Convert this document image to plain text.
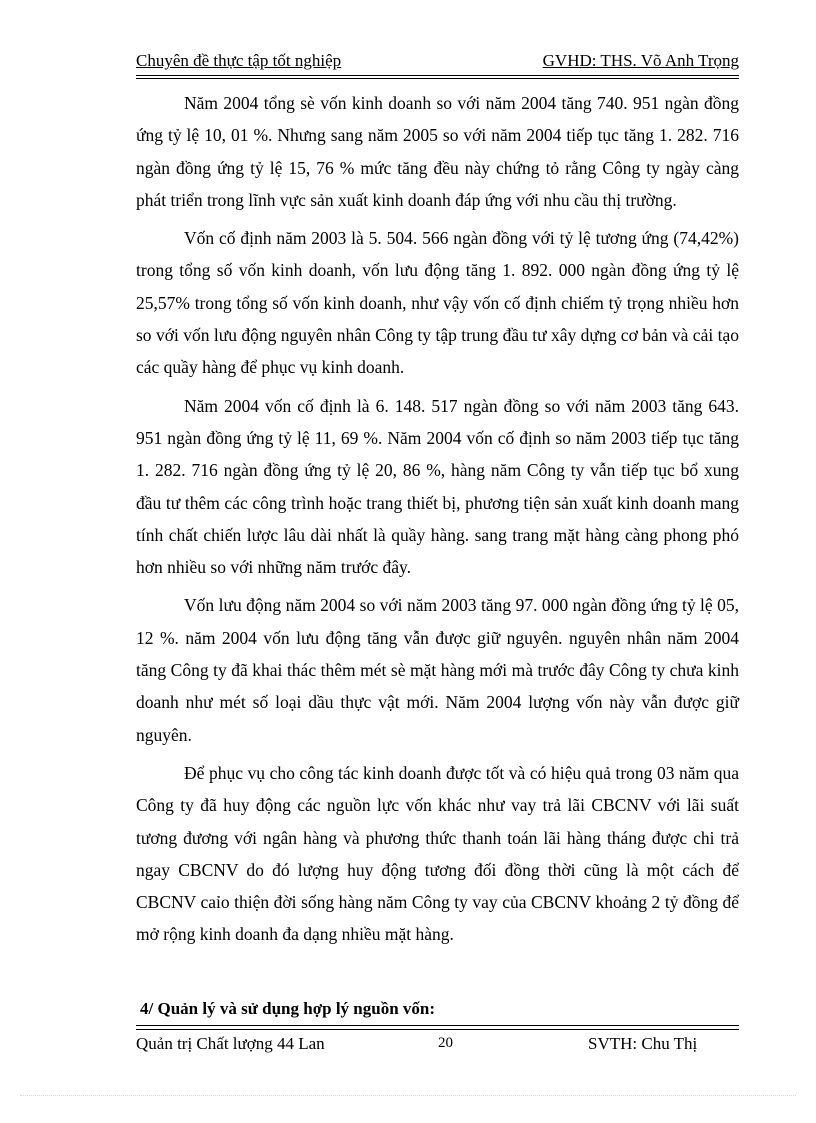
Chuyên đề thực tập tốt nghiệp	GVHD: THS. Võ Anh Trọng

Năm 2004 tổng sè vốn kinh doanh so với năm 2004 tăng 740. 951 ngàn đồng ứng tỷ lệ 10, 01 %. Nhưng sang năm 2005 so với năm 2004 tiếp tục tăng 1. 282. 716 ngàn đồng ứng tỷ lệ 15, 76 % mức tăng đều này chứng tỏ rằng Công ty ngày càng phát triển trong lĩnh vực sản xuất kinh doanh đáp ứng với nhu cầu thị trường.

Vốn cố định năm 2003 là 5. 504. 566 ngàn đồng với tỷ lệ tương ứng (74,42%) trong tổng số vốn kinh doanh, vốn lưu động tăng 1. 892. 000 ngàn đồng ứng tỷ lệ 25,57% trong tổng số vốn kinh doanh, như vậy vốn cố định chiếm tỷ trọng nhiều hơn so với vốn lưu động nguyên nhân Công ty tập trung đầu tư xây dựng cơ bản và cải tạo các quầy hàng để phục vụ kinh doanh.

Năm 2004 vốn cố định là 6. 148. 517 ngàn đồng so với năm 2003 tăng 643. 951 ngàn đồng ứng tỷ lệ 11, 69 %. Năm 2004 vốn cố định so năm 2003 tiếp tục tăng 1. 282. 716 ngàn đồng ứng tỷ lệ 20, 86 %, hàng năm Công ty vẫn tiếp tục bổ xung đầu tư thêm các công trình hoặc trang thiết bị, phương tiện sản xuất kinh doanh mang tính chất chiến lược lâu dài nhất là quầy hàng. sang trang mặt hàng càng phong phó hơn nhiều so với những năm trước đây.

Vốn lưu động năm 2004 so với năm 2003 tăng 97. 000 ngàn đồng ứng tỷ lệ 05, 12 %. năm 2004 vốn lưu động tăng vẫn được giữ nguyên. nguyên nhân năm 2004 tăng Công ty đã khai thác thêm mét sè mặt hàng mới mà trước đây Công ty chưa kinh doanh như mét số loại dầu thực vật mới. Năm 2004 lượng vốn này vẫn được giữ nguyên.

Để phục vụ cho công tác kinh doanh được tốt và có hiệu quả trong 03 năm qua Công ty đã huy động các nguồn lực vốn khác như vay trả lãi CBCNV với lãi suất tương đương với ngân hàng và phương thức thanh toán lãi hàng tháng được chi trả ngay CBCNV do đó lượng huy động tương đối đồng thời cũng là một cách để CBCNV caỉo thiện đời sống hàng năm Công ty vay của CBCNV khoảng 2 tỷ đồng để mở rộng kinh doanh đa dạng nhiều mặt hàng.

4/ Quản lý và sử dụng hợp lý nguồn vốn:
Quản trị Chất lượng 44 Lan	20	SVTH: Chu Thị
